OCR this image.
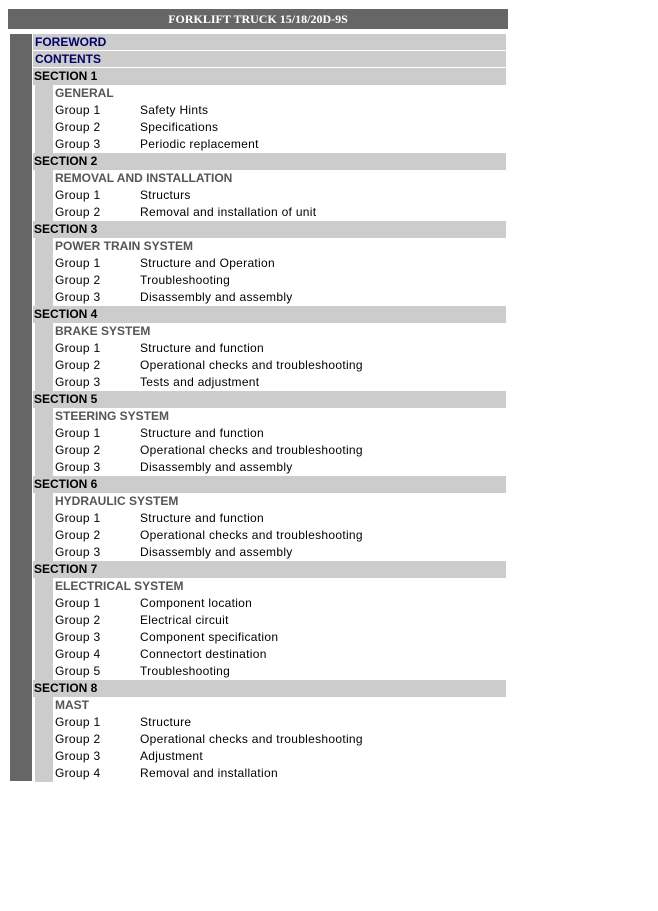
FORKLIFT TRUCK 15/18/20D-9S
FOREWORD
CONTENTS
SECTION 1
GENERAL
Group 1	Safety Hints
Group 2	Specifications
Group 3	Periodic replacement
SECTION 2
REMOVAL AND INSTALLATION
Group 1	Structurs
Group 2	Removal and installation of unit
SECTION 3
POWER TRAIN SYSTEM
Group 1	Structure and Operation
Group 2	Troubleshooting
Group 3	Disassembly and assembly
SECTION 4
BRAKE SYSTEM
Group 1	Structure and function
Group 2	Operational checks and troubleshooting
Group 3	Tests and adjustment
SECTION 5
STEERING SYSTEM
Group 1	Structure and function
Group 2	Operational checks and troubleshooting
Group 3	Disassembly and assembly
SECTION 6
HYDRAULIC SYSTEM
Group 1	Structure and function
Group 2	Operational checks and troubleshooting
Group 3	Disassembly and assembly
SECTION 7
ELECTRICAL SYSTEM
Group 1	Component location
Group 2	Electrical circuit
Group 3	Component specification
Group 4	Connectort destination
Group 5	Troubleshooting
SECTION 8
MAST
Group 1	Structure
Group 2	Operational checks and troubleshooting
Group 3	Adjustment
Group 4	Removal and installation
